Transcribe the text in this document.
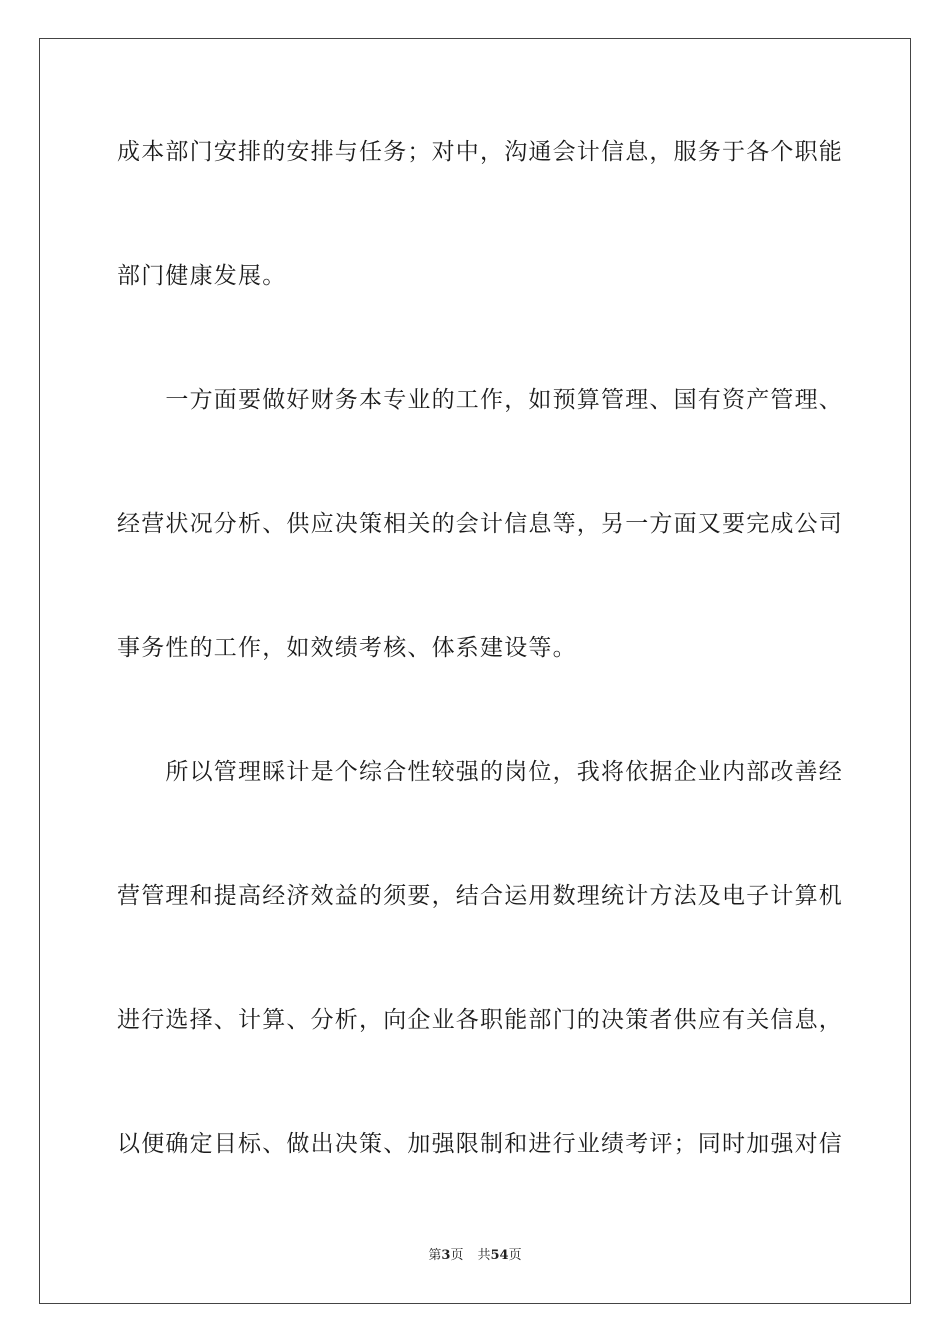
成本部门安排的安排与任务；对中，沟通会计信息，服务于各个职能
部门健康发展。
　　一方面要做好财务本专业的工作，如预算管理、国有资产管理、
经营状况分析、供应决策相关的会计信息等，另一方面又要完成公司
事务性的工作，如效绩考核、体系建设等。
　　所以管理睬计是个综合性较强的岗位，我将依据企业内部改善经
营管理和提高经济效益的须要，结合运用数理统计方法及电子计算机
进行选择、计算、分析，向企业各职能部门的决策者供应有关信息，
以便确定目标、做出决策、加强限制和进行业绩考评；同时加强对信
第3页 共54页
